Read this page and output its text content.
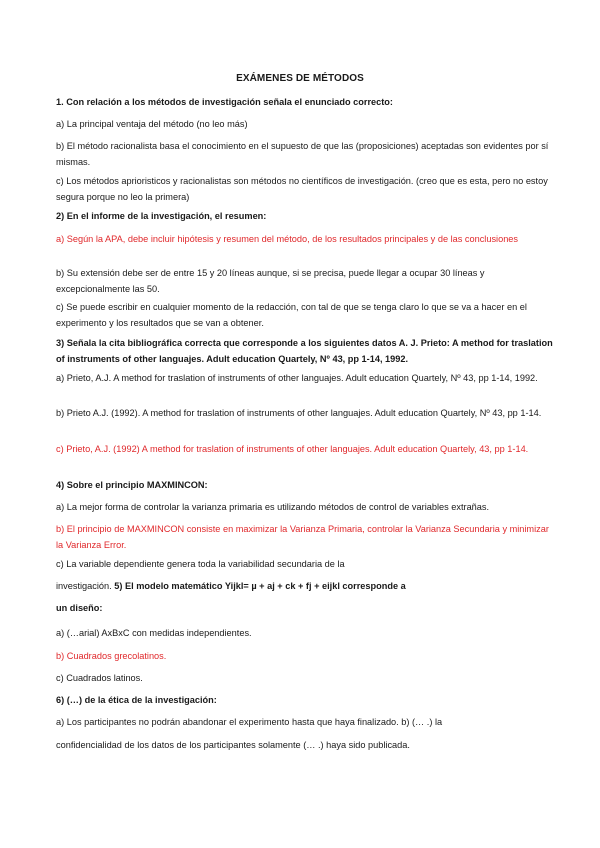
EXÁMENES DE MÉTODOS
1. Con relación a los métodos de investigación señala el enunciado correcto:
a) La principal ventaja del método (no leo más)
b) El método racionalista basa el conocimiento en el supuesto de que las (proposiciones) aceptadas son evidentes por sí mismas.
c) Los métodos aprioristicos y racionalistas son métodos no científicos de investigación. (creo que es esta, pero no estoy segura porque no leo la primera)
2) En el informe de la investigación, el resumen:
a) Según la APA, debe incluir hipótesis y resumen del método, de los resultados principales y de las conclusiones
b) Su extensión debe ser de entre 15 y 20 líneas aunque, si se precisa, puede llegar a ocupar 30 líneas y excepcionalmente las 50.
c) Se puede escribir en cualquier momento de la redacción, con tal de que se tenga claro lo que se va a hacer en el experimento y los resultados que se van a obtener.
3) Señala la cita bibliográfica correcta que corresponde a los siguientes datos A. J. Prieto: A method for traslation of instruments of other languajes. Adult education Quartely, Nº 43, pp 1-14, 1992.
a) Prieto, A.J. A method for traslation of instruments of other languajes. Adult education Quartely, Nº 43, pp 1-14, 1992.
b) Prieto A.J. (1992). A method for traslation of instruments of other languajes. Adult education Quartely, Nº 43, pp 1-14.
c) Prieto, A.J. (1992) A method for traslation of instruments of other languajes. Adult education Quartely, 43, pp 1-14.
4) Sobre el principio MAXMINCON:
a) La mejor forma de controlar la varianza primaria es utilizando métodos de control de variables extrañas.
b) El principio de MAXMINCON consiste en maximizar la Varianza Primaria, controlar la Varianza Secundaria y minimizar la Varianza Error.
c) La variable dependiente genera toda la variabilidad secundaria de la
investigación. 5) El modelo matemático Yijkl= µ + aj + ck + fj + eijkl corresponde a
un diseño:
a) (…arial) AxBxC con medidas independientes.
b) Cuadrados grecolatinos.
c) Cuadrados latinos.
6) (…) de la ética de la investigación:
a) Los participantes no podrán abandonar el experimento hasta que haya finalizado. b) (… .) la
confidencialidad de los datos de los participantes solamente (… .) haya sido publicada.
